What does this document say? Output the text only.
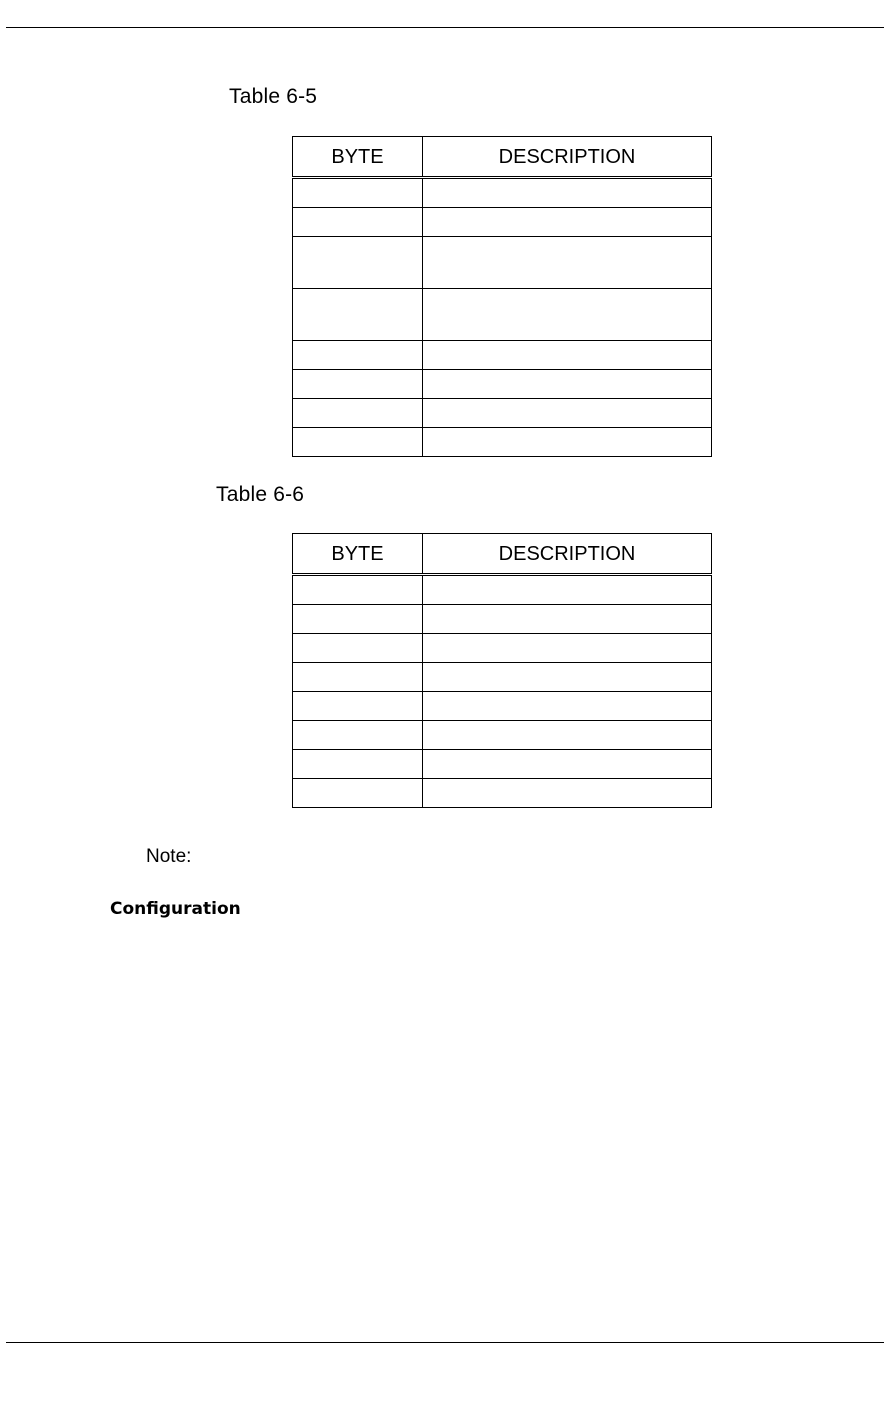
Table 6-5
BYTE	DESCRIPTION

Table 6-6
BYTE	DESCRIPTION

Note:

Configuration
